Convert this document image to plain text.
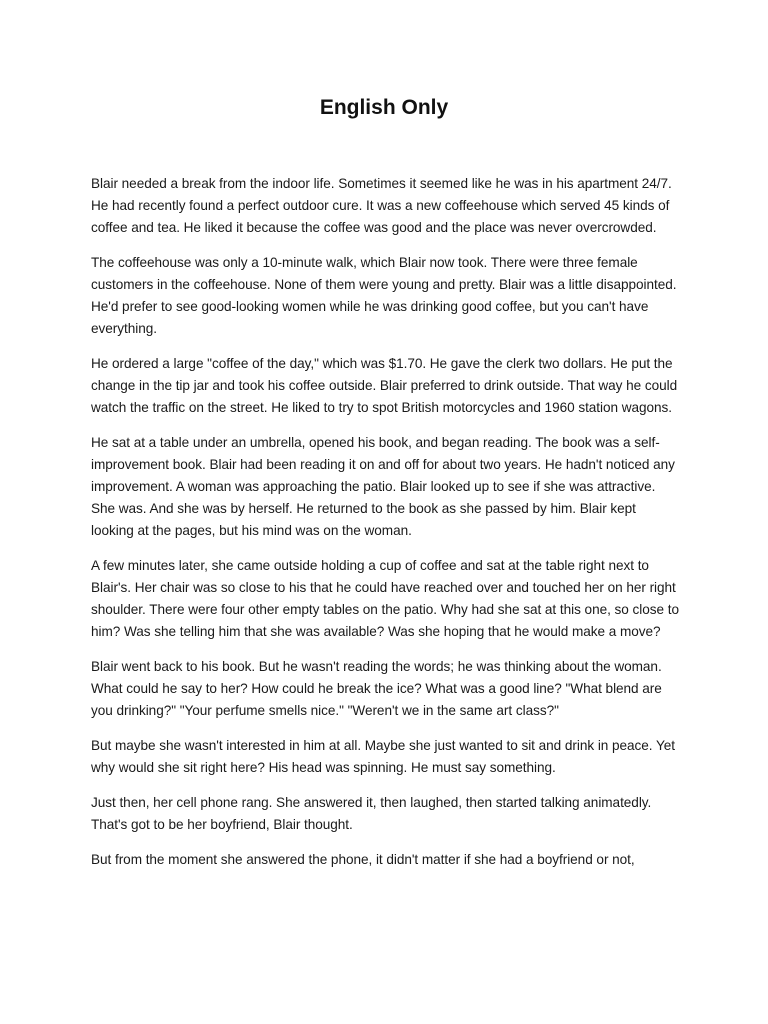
English Only

Blair needed a break from the indoor life. Sometimes it seemed like he was in his apartment 24/7. He had recently found a perfect outdoor cure. It was a new coffeehouse which served 45 kinds of coffee and tea. He liked it because the coffee was good and the place was never overcrowded.

The coffeehouse was only a 10-minute walk, which Blair now took. There were three female customers in the coffeehouse. None of them were young and pretty. Blair was a little disappointed. He'd prefer to see good-looking women while he was drinking good coffee, but you can't have everything.

He ordered a large "coffee of the day," which was $1.70. He gave the clerk two dollars. He put the change in the tip jar and took his coffee outside. Blair preferred to drink outside. That way he could watch the traffic on the street. He liked to try to spot British motorcycles and 1960 station wagons.

He sat at a table under an umbrella, opened his book, and began reading. The book was a self-improvement book. Blair had been reading it on and off for about two years. He hadn't noticed any improvement. A woman was approaching the patio. Blair looked up to see if she was attractive. She was. And she was by herself. He returned to the book as she passed by him. Blair kept looking at the pages, but his mind was on the woman.

A few minutes later, she came outside holding a cup of coffee and sat at the table right next to Blair's. Her chair was so close to his that he could have reached over and touched her on her right shoulder. There were four other empty tables on the patio. Why had she sat at this one, so close to him? Was she telling him that she was available? Was she hoping that he would make a move?

Blair went back to his book. But he wasn't reading the words; he was thinking about the woman. What could he say to her? How could he break the ice? What was a good line? "What blend are you drinking?" "Your perfume smells nice." "Weren't we in the same art class?"

But maybe she wasn't interested in him at all. Maybe she just wanted to sit and drink in peace. Yet why would she sit right here? His head was spinning. He must say something.

Just then, her cell phone rang. She answered it, then laughed, then started talking animatedly. That's got to be her boyfriend, Blair thought.

But from the moment she answered the phone, it didn't matter if she had a boyfriend or not,
